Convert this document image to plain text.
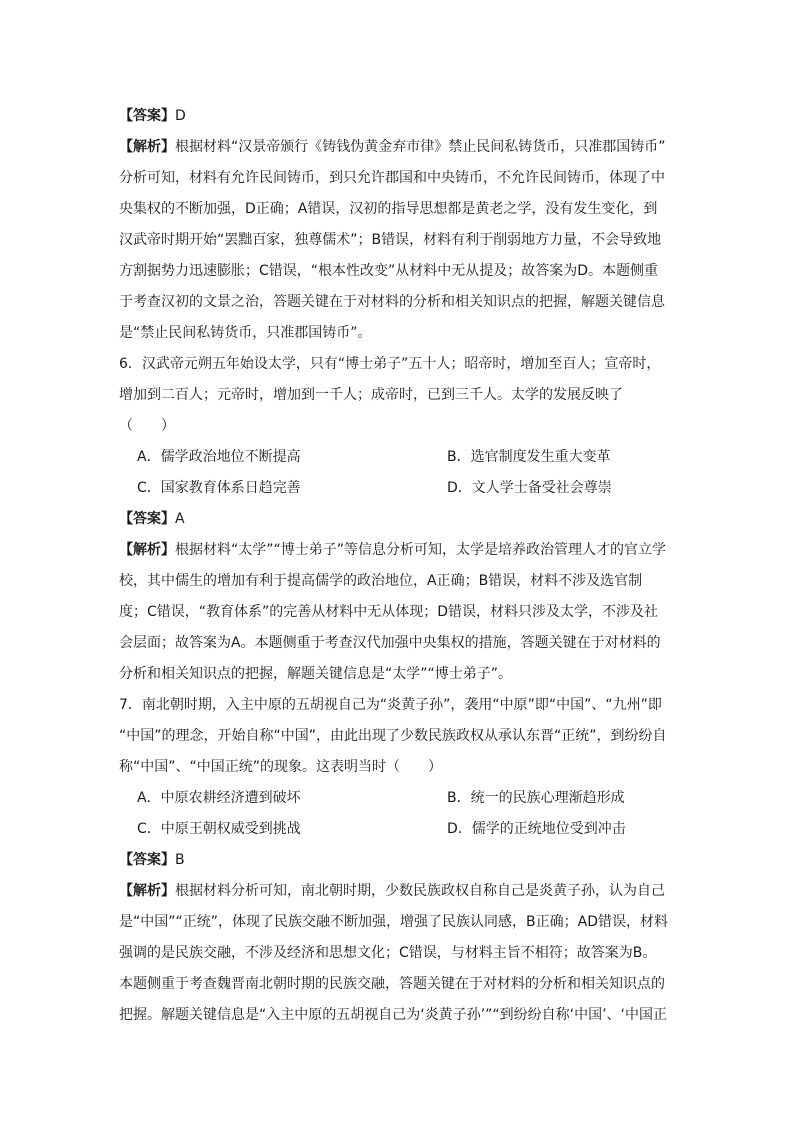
【答案】D
【解析】根据材料“汉景帝颁行《铸钱伪黄金弃市律》禁止民间私铸货币，只准郡国铸币”
分析可知，材料有允许民间铸币，到只允许郡国和中央铸币，不允许民间铸币，体现了中
央集权的不断加强，D正确；A错误，汉初的指导思想都是黄老之学，没有发生变化，到
汉武帝时期开始“罢黜百家，独尊儒术”；B错误，材料有利于削弱地方力量，不会导致地
方割据势力迅速膨胀；C错误，“根本性改变”从材料中无从提及；故答案为D。本题侧重
于考查汉初的文景之治，答题关键在于对材料的分析和相关知识点的把握，解题关键信息
是“禁止民间私铸货币，只准郡国铸币”。
6．汉武帝元朔五年始设太学，只有“博士弟子”五十人；昭帝时，增加至百人；宣帝时，
增加到二百人；元帝时，增加到一千人；成帝时，已到三千人。太学的发展反映了
（　　）
A．儒学政治地位不断提高	B．选官制度发生重大变革
C．国家教育体系日趋完善	D．文人学士备受社会尊崇
【答案】A
【解析】根据材料“太学”“博士弟子”等信息分析可知，太学是培养政治管理人才的官立学
校，其中儒生的增加有利于提高儒学的政治地位，A正确；B错误，材料不涉及选官制
度；C错误，“教育体系”的完善从材料中无从体现；D错误，材料只涉及太学，不涉及社
会层面；故答案为A。本题侧重于考查汉代加强中央集权的措施，答题关键在于对材料的
分析和相关知识点的把握，解题关键信息是“太学”“博士弟子”。
7．南北朝时期，入主中原的五胡视自己为“炎黄子孙”，袭用“中原”即“中国”、“九州”即
“中国”的理念，开始自称“中国”，由此出现了少数民族政权从承认东晋“正统”，到纷纷自
称“中国”、“中国正统”的现象。这表明当时（　　）
A．中原农耕经济遭到破坏	B．统一的民族心理渐趋形成
C．中原王朝权威受到挑战	D．儒学的正统地位受到冲击
【答案】B
【解析】根据材料分析可知，南北朝时期，少数民族政权自称自己是炎黄子孙，认为自己
是“中国”“正统”，体现了民族交融不断加强，增强了民族认同感，B正确；AD错误，材料
强调的是民族交融，不涉及经济和思想文化；C错误，与材料主旨不相符；故答案为B。
本题侧重于考查魏晋南北朝时期的民族交融，答题关键在于对材料的分析和相关知识点的
把握。解题关键信息是“入主中原的五胡视自己为‘炎黄子孙’”“到纷纷自称‘中国’、‘中国正
